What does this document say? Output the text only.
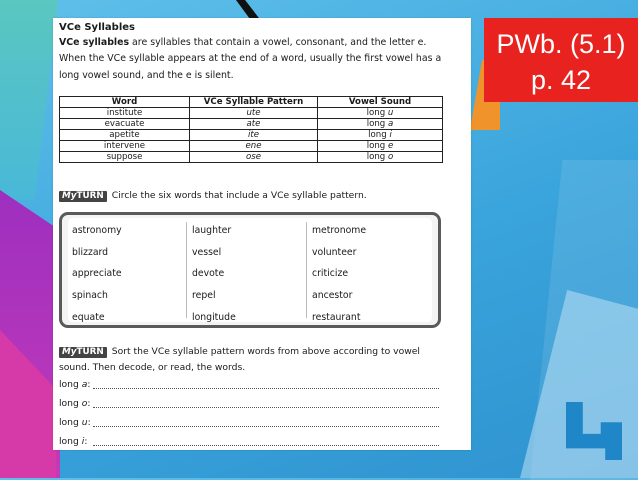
VCe Syllables

VCe syllables are syllables that contain a vowel, consonant, and the letter e.
When the VCe syllable appears at the end of a word, usually the first vowel has a
long vowel sound, and the e is silent.

Word	VCe Syllable Pattern	Vowel Sound
institute	ute	long u
evacuate	ate	long a
apetite	ite	long i
intervene	ene	long e
suppose	ose	long o
MyTURN Circle the six words that include a VCe syllable pattern.
astronomy
blizzard
appreciate
spinach
equate
laughter
vessel
devote
repel
longitude
metronome
volunteer
criticize
ancestor
restaurant
MyTURN Sort the VCe syllable pattern words from above according to vowel
sound. Then decode, or read, the words.
long a:
long o:
long u:
long i:
PWb. (5.1)
p. 42
